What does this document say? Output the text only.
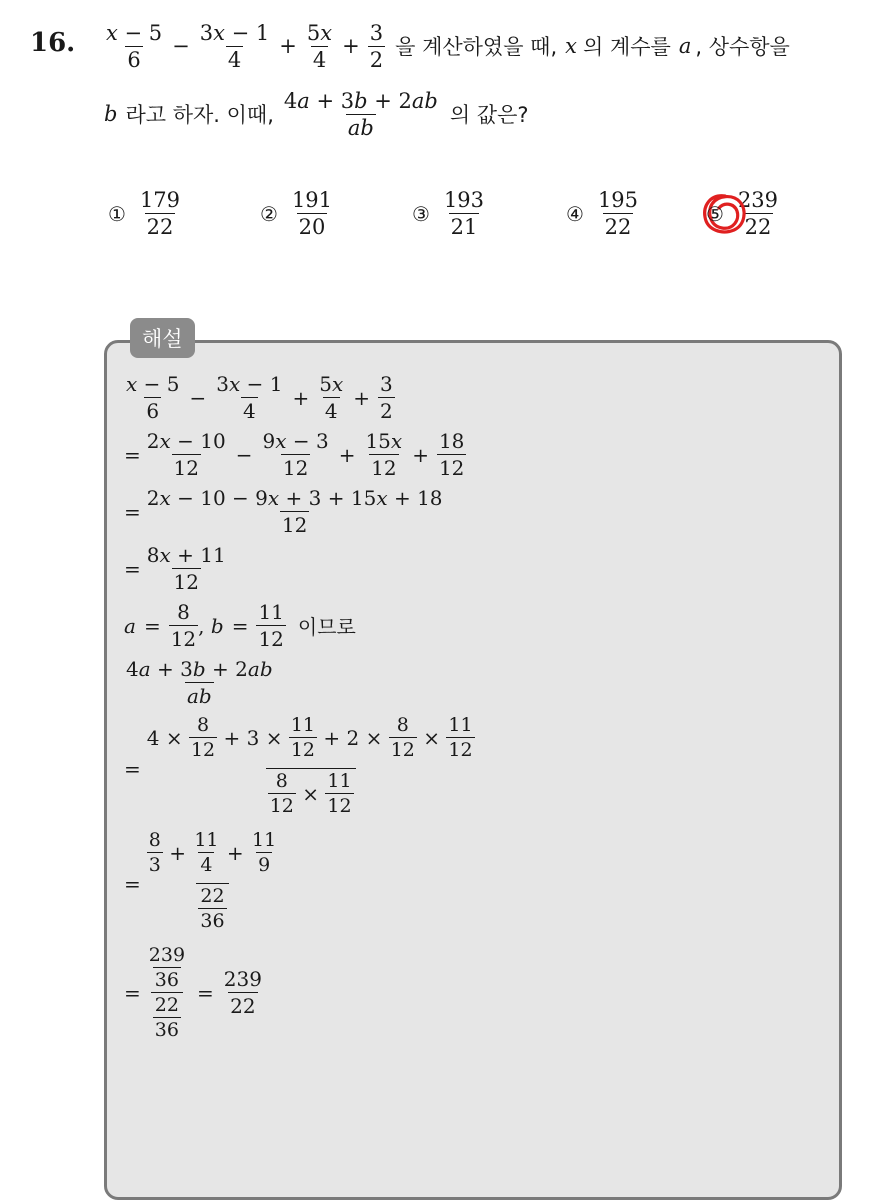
16. $\frac{x - 5}{6} - \frac{3x - 1}{4} + \frac{5x}{4} + \frac{3}{2}$ 을 계산하였을 때, x 의 계수를 a , 상수항을
b 라고 하자. 이때, $\frac{4a + 3b + 2ab}{ab}$ 의 값은?
① $\frac{179}{22}$	② $\frac{191}{20}$	③ $\frac{193}{21}$	④ $\frac{195}{22}$	⑤ $\frac{239}{22}$
해설
$\frac{x - 5}{6} - \frac{3x - 1}{4} + \frac{5x}{4} + \frac{3}{2}$
= $\frac{2x - 10}{12} - \frac{9x - 3}{12} + \frac{15x}{12} + \frac{18}{12}$
= $\frac{2x - 10 - 9x + 3 + 15x + 18}{12}$
= $\frac{8x + 11}{12}$
$a = \frac{8}{12}$ , $b = \frac{11}{12}$ 이므로
$\frac{4a + 3b + 2ab}{ab}$
= $\frac{4 \times \frac{8}{12} + 3 \times \frac{11}{12} + 2 \times \frac{8}{12} \times \frac{11}{12}}{\frac{8}{12} \times \frac{11}{12}}$
= $\frac{\frac{8}{3} + \frac{11}{4} + \frac{11}{9}}{\frac{22}{36}}$
= $\frac{\frac{239}{36}}{\frac{22}{36}} = \frac{239}{22}$
